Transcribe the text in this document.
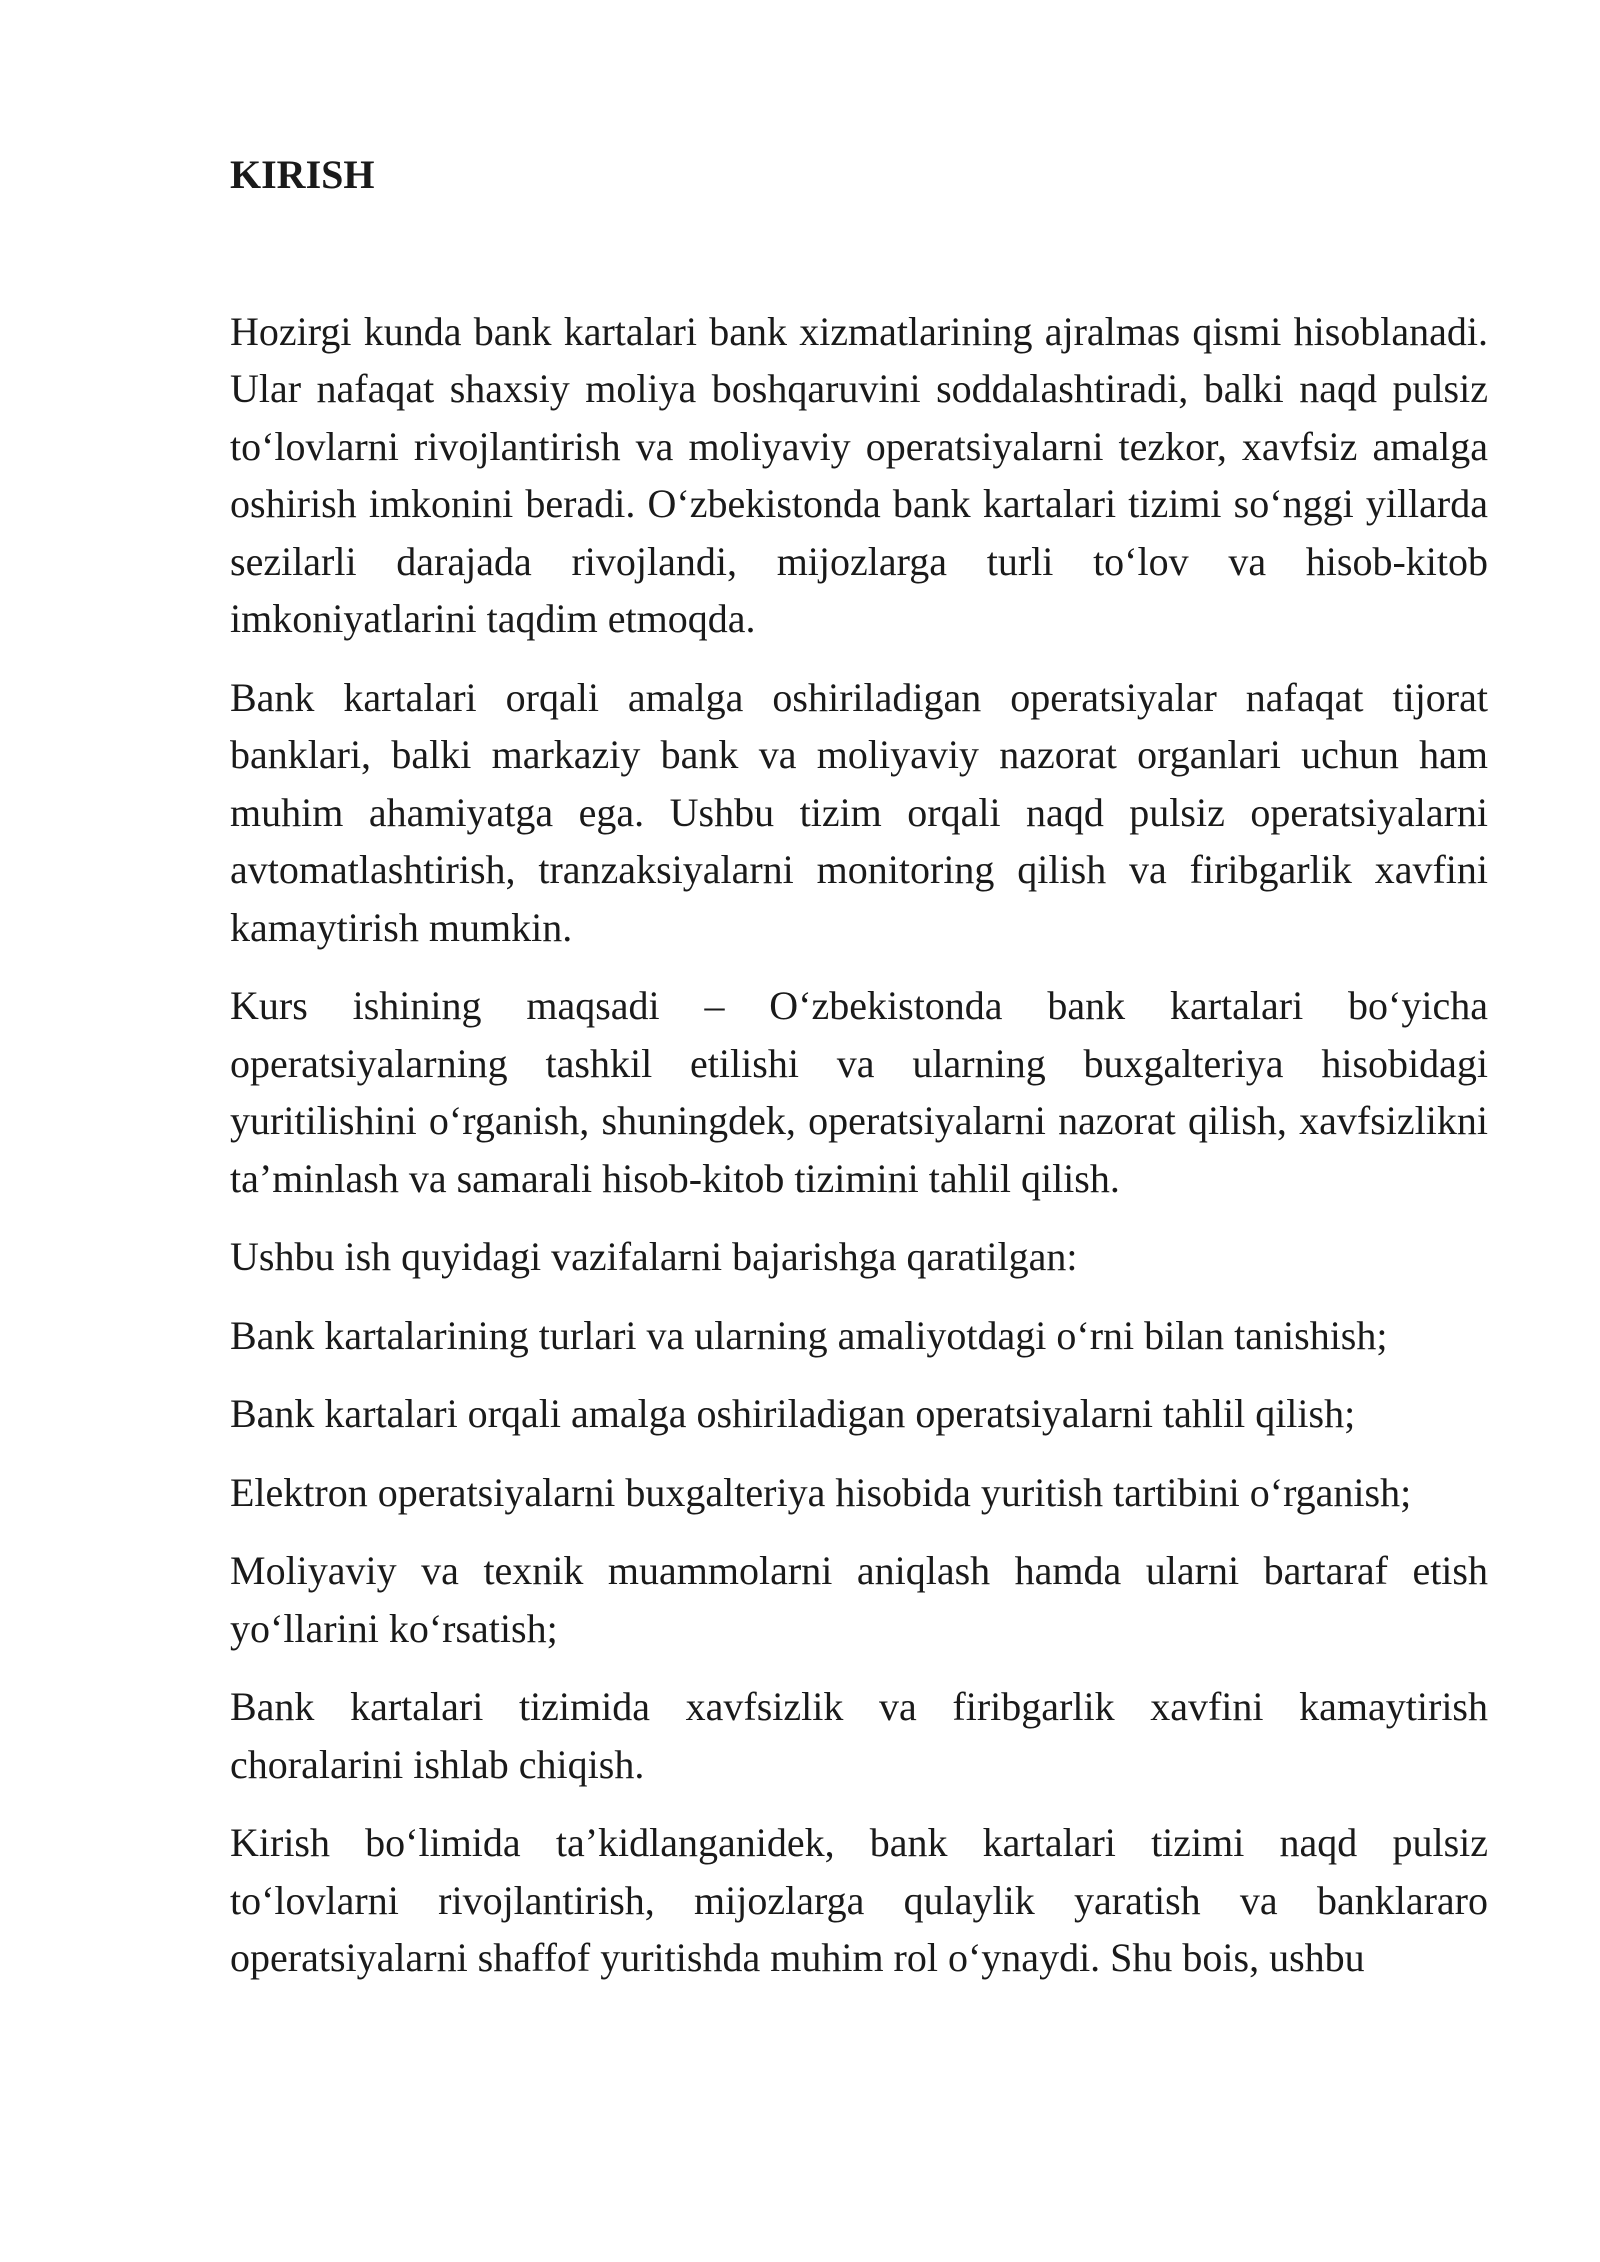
KIRISH

Hozirgi kunda bank kartalari bank xizmatlarining ajralmas qismi hisoblanadi. Ular nafaqat shaxsiy moliya boshqaruvini soddalashtiradi, balki naqd pulsiz to‘lovlarni rivojlantirish va moliyaviy operatsiyalarni tezkor, xavfsiz amalga oshirish imkonini beradi. O‘zbekistonda bank kartalari tizimi so‘nggi yillarda sezilarli darajada rivojlandi, mijozlarga turli to‘lov va hisob-kitob imkoniyatlarini taqdim etmoqda.

Bank kartalari orqali amalga oshiriladigan operatsiyalar nafaqat tijorat banklari, balki markaziy bank va moliyaviy nazorat organlari uchun ham muhim ahamiyatga ega. Ushbu tizim orqali naqd pulsiz operatsiyalarni avtomatlashtirish, tranzaksiyalarni monitoring qilish va firibgarlik xavfini kamaytirish mumkin.

Kurs ishining maqsadi – O‘zbekistonda bank kartalari bo‘yicha operatsiyalarning tashkil etilishi va ularning buxgalteriya hisobidagi yuritilishini o‘rganish, shuningdek, operatsiyalarni nazorat qilish, xavfsizlikni ta’minlash va samarali hisob-kitob tizimini tahlil qilish.

Ushbu ish quyidagi vazifalarni bajarishga qaratilgan:

Bank kartalarining turlari va ularning amaliyotdagi o‘rni bilan tanishish;

Bank kartalari orqali amalga oshiriladigan operatsiyalarni tahlil qilish;

Elektron operatsiyalarni buxgalteriya hisobida yuritish tartibini o‘rganish;

Moliyaviy va texnik muammolarni aniqlash hamda ularni bartaraf etish yo‘llarini ko‘rsatish;

Bank kartalari tizimida xavfsizlik va firibgarlik xavfini kamaytirish choralarini ishlab chiqish.

Kirish bo‘limida ta’kidlanganidek, bank kartalari tizimi naqd pulsiz to‘lovlarni rivojlantirish, mijozlarga qulaylik yaratish va banklararo operatsiyalarni shaffof yuritishda muhim rol o‘ynaydi. Shu bois, ushbu
